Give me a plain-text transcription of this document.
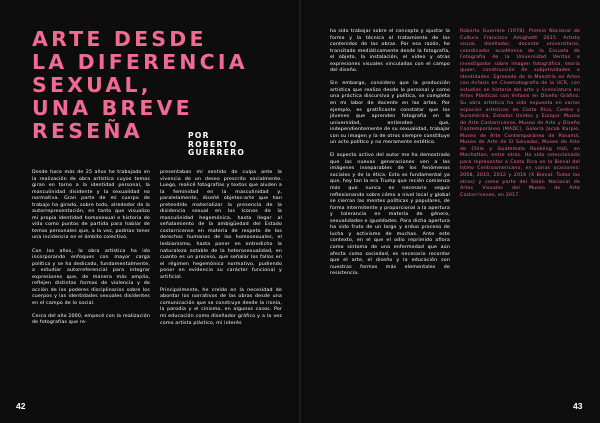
ARTE DESDE
LA DIFERENCIA
SEXUAL,
UNA BREVE
RESEÑA	POR
ROBERTO
GUERRERO

Desde hace más de 25 años he trabajado en la realización de obra artística cuyos temas giran en torno a la identidad personal, la masculinidad disidente y la sexualidad no normativa. Gran parte de mi cuerpo de trabajo ha girado, sobre todo, alrededor de la autorrepresentación, en tanto que visualizo mi propia identidad homosexual e historia de vida como puntos de partida para hablar de temas personales que, a la vez, podrían tener una incidencia en el ámbito colectivo.

Con los años, la obra artística ha ido incorporando enfoques con mayor carga política y se ha dedicado, fundamentalmente, a estudiar autorreferencial para integrar expresiones que, de manera más amplia, reflejen distintas formas de violencia y de acción de los poderes disciplinarios sobre los cuerpos y las identidades sexuales disidentes en el campo de lo social.

Cerca del año 2000, empecé con la realización de fotografías que re-

presentaban mi sentido de culpa ante la vivencia de un deseo prescrito socialmente. Luego, realicé fotografías y textos que aluden a la feminidad en la masculinidad y, paralelamente, diseñé objetos-arte que han pretendido materializar la presencia de la disidencia sexual en los íconos de la masculinidad hegemónica, hasta llegar al señalamiento de la ambigüedad del Estado costarricense en materia de respeto de los derechos humanos de las homosexuales, el lesbianismo, hasta poner en entredicho la naturaleza estable de la heterosexualidad, en cuanto es un proceso, que señalar los fallos en el régimen hegemónico normativo, pudiendo poner en evidencia su carácter funcional y artificial.

Principalmente, he creído en la necesidad de abordar los narrativos de las obras desde una comunicación que se construye desde la ironía, la parodia y el cinismo, en algunos casos. Por mi educación como diseñador gráfico y a la vez como artista plástico, mi interés

42

ha sido trabajar sobre el concepto y ajustar la forma y la técnica al tratamiento de los contenidos de las obras. Por esa razón, he transitado mediáticamente desde la fotografía, el objeto, la instalación, el video y otras expresiones visuales vinculadas con el campo del diseño.

Sin embargo, considero que la producción artística que realizo desde lo personal y como una práctica discursiva y política, se completa en mi labor de docente en las artes. Por ejemplo, es gratificante constatar que los jóvenes que aprenden fotografía en la universidad, entienden que, independientemente de su sexualidad, trabajar con su imagen y la de otros siempre constituye un acto político y no meramente estético.

El aspecto activo del autor me ha demostrado que las nuevas generaciones ven a las imágenes inseparables de los fenómenos sociales y de la ética. Esto es fundamental ya que, hoy tan la era Trump que recién comienza más que nunca es necesario seguir reflexionando sobre cómo a nivel local y global se cierran las mentes políticas y populares, de forma intermitente y proporcional a la apertura y tolerancia en materia de género, sexualidades e igualdades. Para dicha apertura ha sido fruto de un largo y arduo proceso de lucha y activismo de muchas. Ante este contexto, en el que el odio reprimido aflora como síntoma de una enfermedad que aún afecta como sociedad, es necesario recordar que el arte, el diseño y la educación son nuestras formas más elementales de resistencia.

Roberto Guerrero (1978). Premio Nacional de Cultura Francisco Amighetti 2015. Artista visual, diseñador, docente universitario, coordinador académico de la Escuela de Fotografía de la Universidad Veritas e investigador sobre imagen fotográfica, teoría queer, construcción de subjetividades e identidades. Egresado de la Maestría en Artes con énfasis en Cinematografía de la UCR, con estudios en historia del arte y licenciatura en Artes Plásticas con énfasis en Diseño Gráfico. Su obra artística ha sido expuesta en varios espacios artísticos de Costa Rica, Centro y Suramérica, Estados Unidos y Europa: Museo de Arte Costarricense, Museo de Arte y Diseño Contemporáneo (MADC), Galería Jacob Karpio, Museo de Arte Contemporáneo de Panamá, Museo de Arte de El Salvador, Museo de Arte de Chile y Guatemala Roebling Hall, en Manhattan, entre otros. Ha sido seleccionado para representar a Costa Rica en la Bienal del Istmo Centroamericano, en varias ocasiones: 2008, 2010, 2012 y 2016 (X Bienal: Todas las otras) y como parte del Salón Nacional de Artes Visuales del Museo de Arte Costarricense, en 2017.

43
